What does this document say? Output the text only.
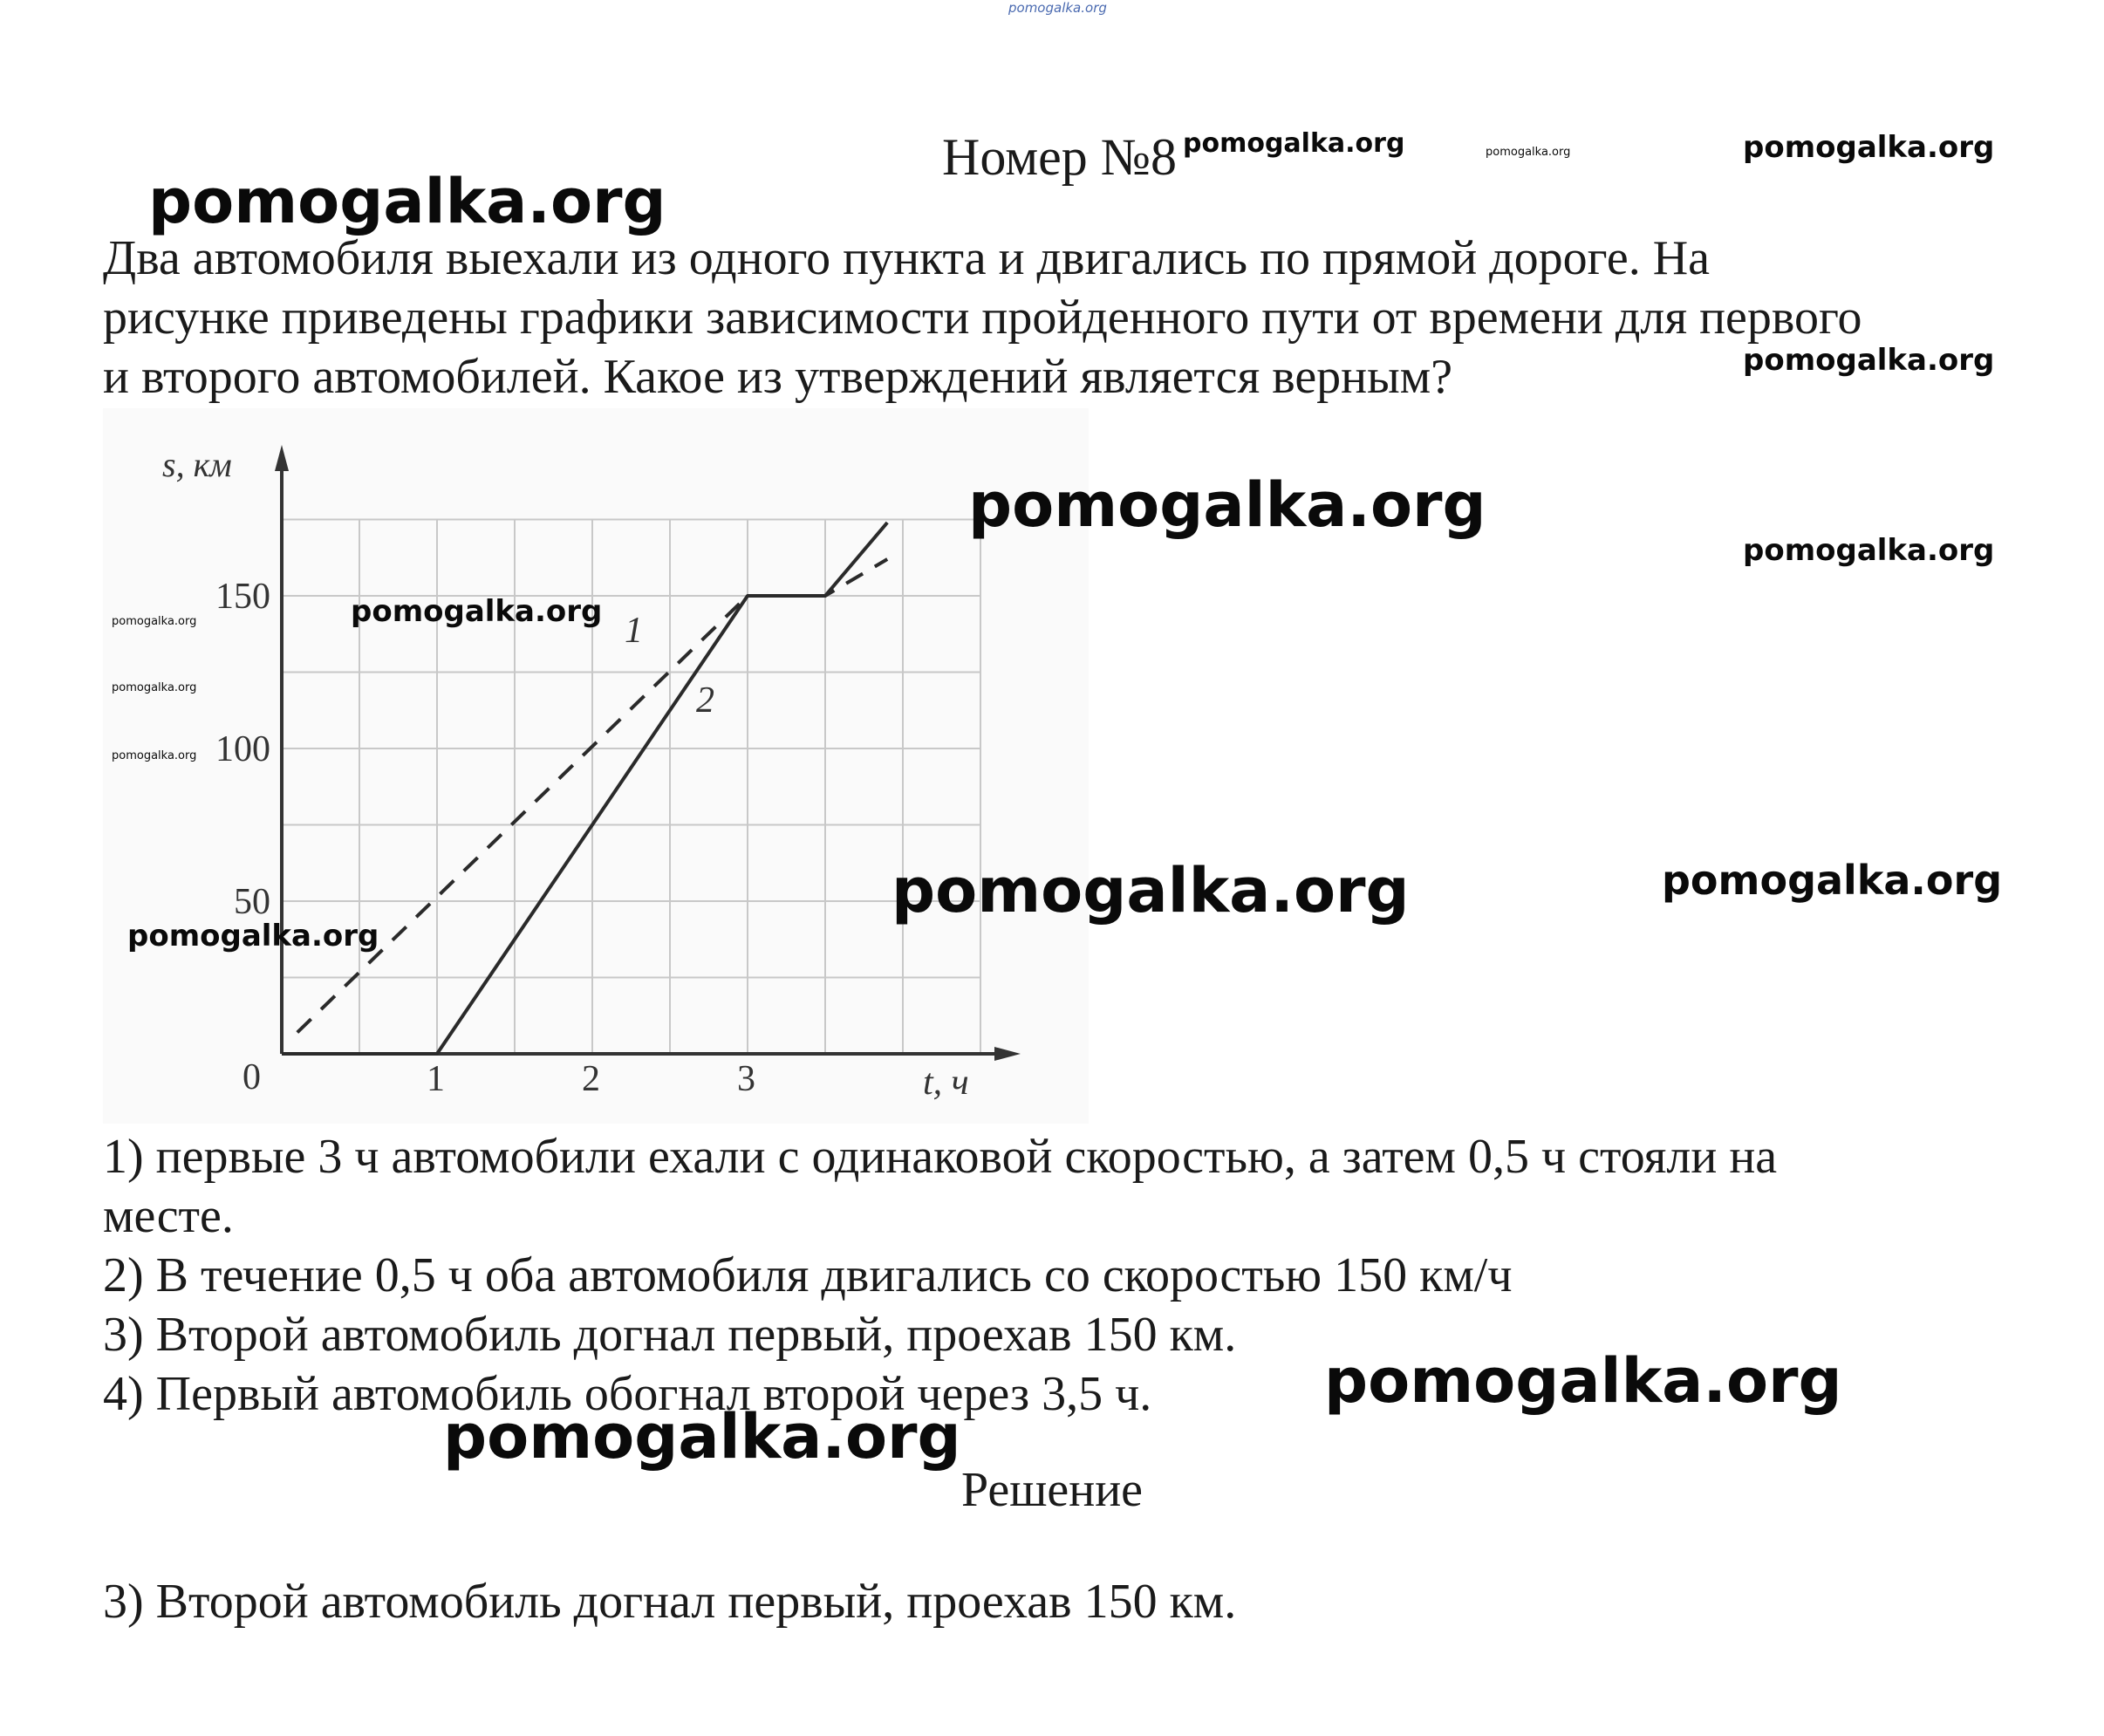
pomogalka.org
Номер №8 pomogalka.org	pomogalka.org	pomogalka.org
pomogalka.org
Два автомобиля выехали из одного пункта и двигались по прямой дороге. На
рисунке приведены графики зависимости пройденного пути от времени для первого
и второго автомобилей. Какое из утверждений является верным?	pomogalka.org
s, км
t, ч
0	1	2	3
50
100
150
1
2
pomogalka.org
pomogalka.org
pomogalka.org
pomogalka.org
pomogalka.org
pomogalka.org
pomogalka.org	pomogalka.org
pomogalka.org
1) первые 3 ч автомобили ехали с одинаковой скоростью, а затем 0,5 ч стояли на
месте.
2) В течение 0,5 ч оба автомобиля двигались со скоростью 150 км/ч
3) Второй автомобиль догнал первый, проехав 150 км.
4) Первый автомобиль обогнал второй через 3,5 ч.	pomogalka.org
pomogalka.org
Решение
3) Второй автомобиль догнал первый, проехав 150 км.
